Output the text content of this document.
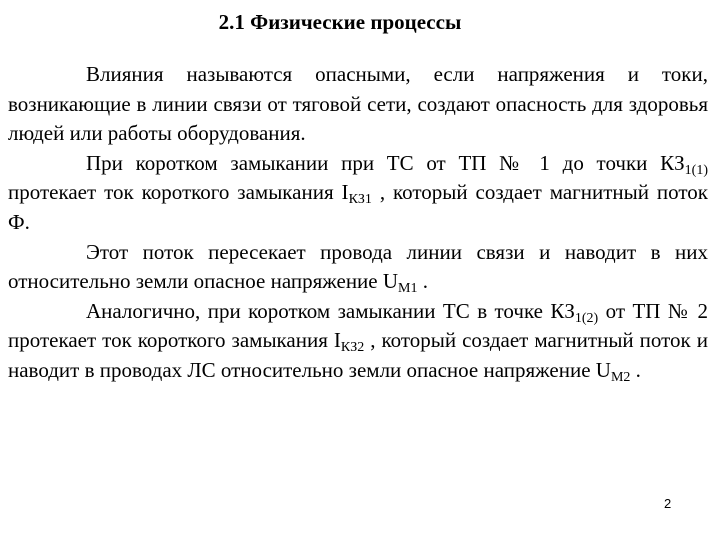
2.1 Физические процессы

Влияния называются опасными, если напряжения и токи, возникающие в линии связи от тяговой сети, создают опасность для здоровья людей или работы оборудования.

При коротком замыкании при ТС от ТП № 1 до точки $КЗ_{1(1)}$ протекает ток короткого замыкания $I_{КЗ1}$ , который создает магнитный поток Ф.

Этот поток пересекает провода линии связи и наводит в них относительно земли опасное напряжение $U_{М1}$ .

Аналогично, при коротком замыкании ТС в точке $КЗ_{1(2)}$ от ТП № 2 протекает ток короткого замыкания $I_{КЗ2}$ , который создает магнитный поток и наводит в проводах ЛС относительно земли опасное напряжение $U_{М2}$ .

2
